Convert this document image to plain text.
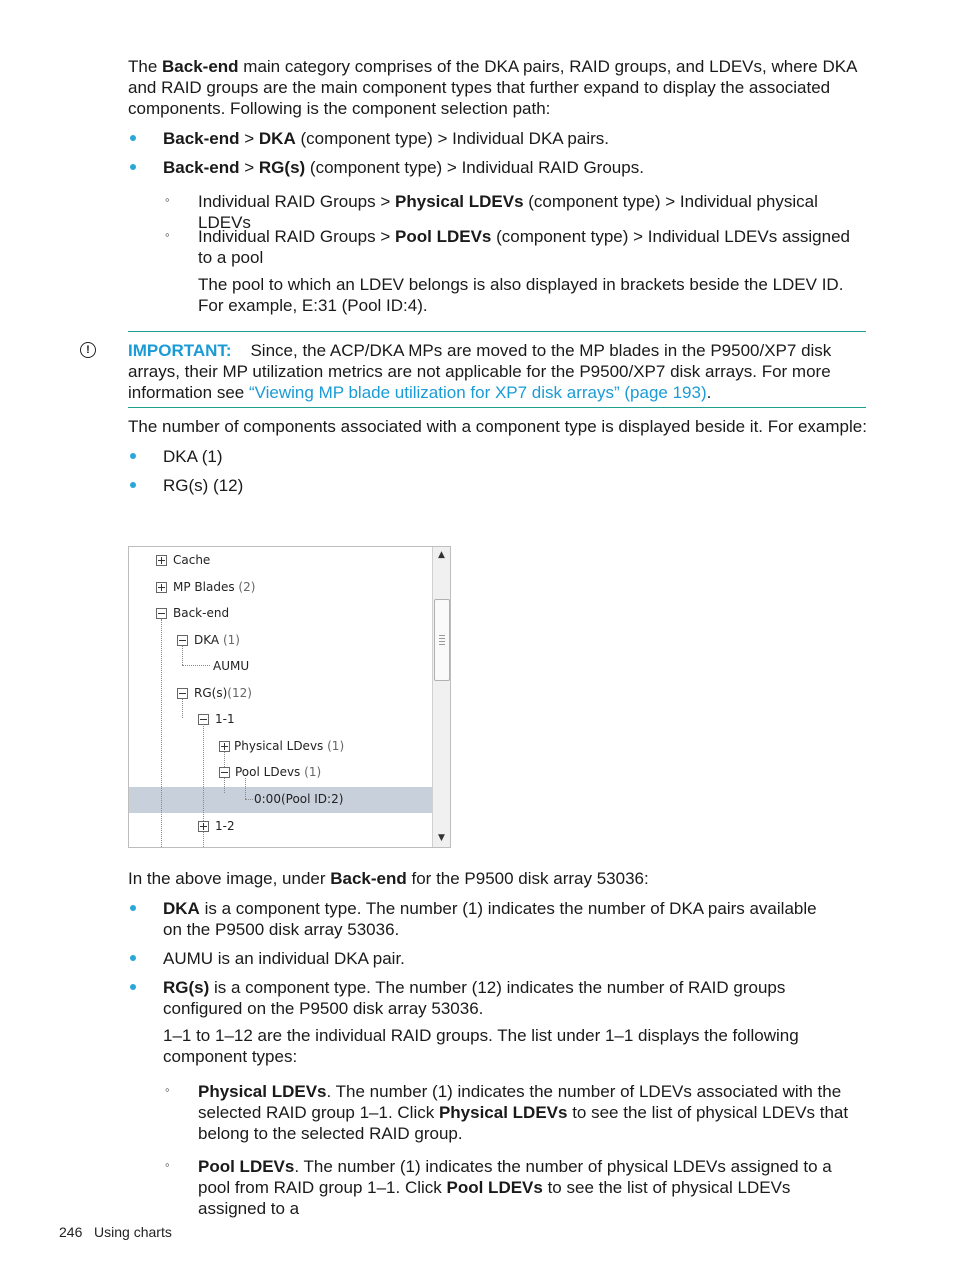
The Back-end main category comprises of the DKA pairs, RAID groups, and LDEVs, where DKA and RAID groups are the main component types that further expand to display the associated components. Following is the component selection path:

Back-end > DKA (component type) > Individual DKA pairs.

Back-end > RG(s) (component type) > Individual RAID Groups.

◦ Individual RAID Groups > Physical LDEVs (component type) > Individual physical LDEVs

◦ Individual RAID Groups > Pool LDEVs (component type) > Individual LDEVs assigned to a pool

The pool to which an LDEV belongs is also displayed in brackets beside the LDEV ID. For example, E:31 (Pool ID:4).

!	IMPORTANT: Since, the ACP/DKA MPs are moved to the MP blades in the P9500/XP7 disk arrays, their MP utilization metrics are not applicable for the P9500/XP7 disk arrays. For more information see “Viewing MP blade utilization for XP7 disk arrays” (page 193).

The number of components associated with a component type is displayed beside it. For example:

DKA (1)

RG(s) (12)

Cache
MP Blades (2)
Back-end
DKA (1)
AUMU
RG(s)(12)
1-1
Physical LDevs (1)
Pool LDevs (1)
0:00(Pool ID:2)
1-2
▲
▼

In the above image, under Back-end for the P9500 disk array 53036:

DKA is a component type. The number (1) indicates the number of DKA pairs available on the P9500 disk array 53036.

AUMU is an individual DKA pair.

RG(s) is a component type. The number (12) indicates the number of RAID groups configured on the P9500 disk array 53036.

1–1 to 1–12 are the individual RAID groups. The list under 1–1 displays the following component types:

◦ Physical LDEVs. The number (1) indicates the number of LDEVs associated with the selected RAID group 1–1. Click Physical LDEVs to see the list of physical LDEVs that belong to the selected RAID group.

◦ Pool LDEVs. The number (1) indicates the number of physical LDEVs assigned to a pool from RAID group 1–1. Click Pool LDEVs to see the list of physical LDEVs assigned to a

246 Using charts
